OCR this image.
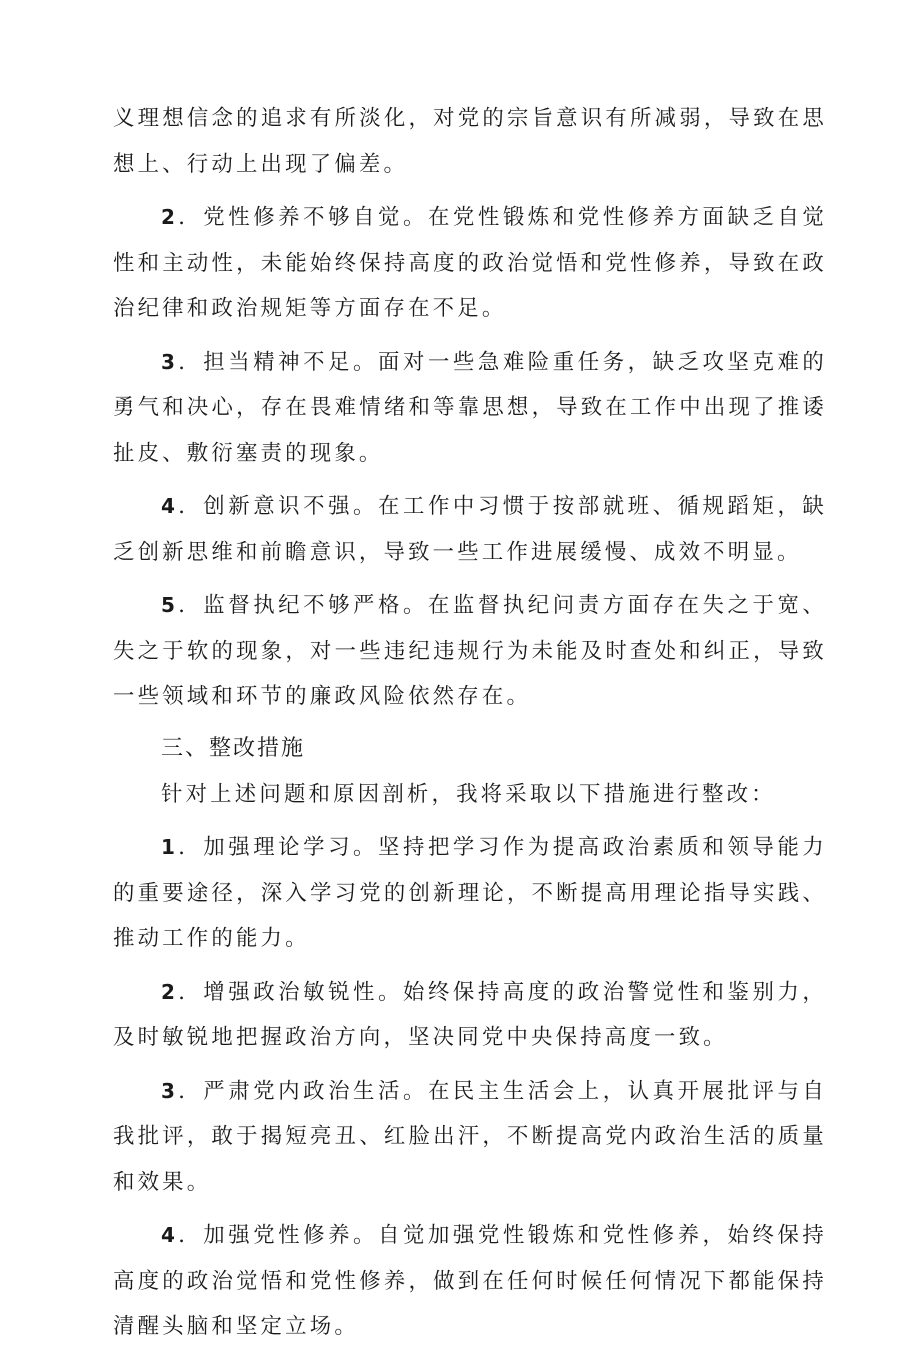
义理想信念的追求有所淡化，对党的宗旨意识有所减弱，导致在思想上、行动上出现了偏差。

2．党性修养不够自觉。在党性锻炼和党性修养方面缺乏自觉性和主动性，未能始终保持高度的政治觉悟和党性修养，导致在政治纪律和政治规矩等方面存在不足。

3．担当精神不足。面对一些急难险重任务，缺乏攻坚克难的勇气和决心，存在畏难情绪和等靠思想，导致在工作中出现了推诿扯皮、敷衍塞责的现象。

4．创新意识不强。在工作中习惯于按部就班、循规蹈矩，缺乏创新思维和前瞻意识，导致一些工作进展缓慢、成效不明显。

5．监督执纪不够严格。在监督执纪问责方面存在失之于宽、失之于软的现象，对一些违纪违规行为未能及时查处和纠正，导致一些领域和环节的廉政风险依然存在。

三、整改措施

针对上述问题和原因剖析，我将采取以下措施进行整改：

1．加强理论学习。坚持把学习作为提高政治素质和领导能力的重要途径，深入学习党的创新理论，不断提高用理论指导实践、推动工作的能力。

2．增强政治敏锐性。始终保持高度的政治警觉性和鉴别力，及时敏锐地把握政治方向，坚决同党中央保持高度一致。

3．严肃党内政治生活。在民主生活会上，认真开展批评与自我批评，敢于揭短亮丑、红脸出汗，不断提高党内政治生活的质量和效果。

4．加强党性修养。自觉加强党性锻炼和党性修养，始终保持高度的政治觉悟和党性修养，做到在任何时候任何情况下都能保持清醒头脑和坚定立场。
